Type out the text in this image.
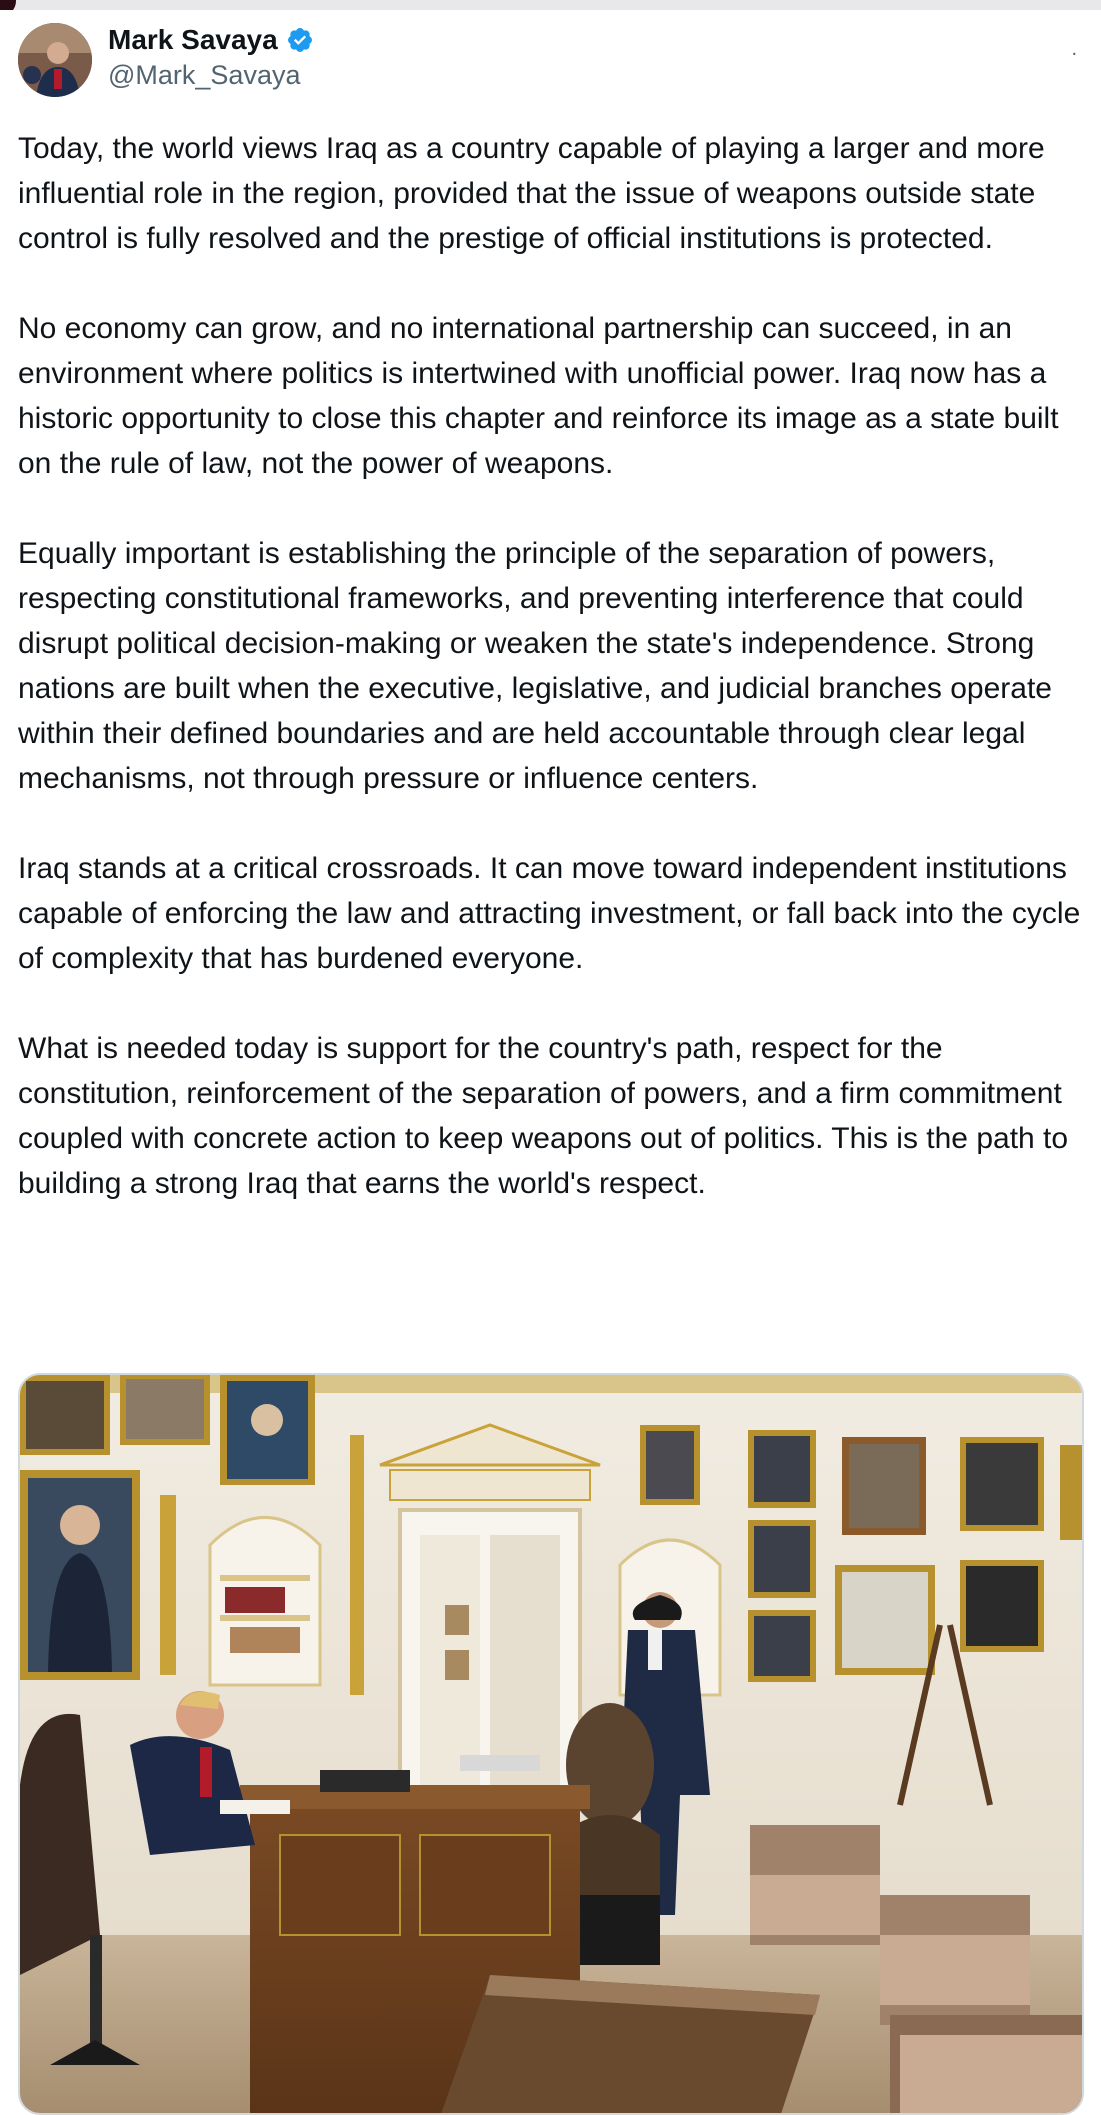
Mark Savaya
@Mark_Savaya
.

Today, the world views Iraq as a country capable of playing a larger and more influential role in the region, provided that the issue of weapons outside state control is fully resolved and the prestige of official institutions is protected.

No economy can grow, and no international partnership can succeed, in an environment where politics is intertwined with unofficial power. Iraq now has a historic opportunity to close this chapter and reinforce its image as a state built on the rule of law, not the power of weapons.

Equally important is establishing the principle of the separation of powers, respecting constitutional frameworks, and preventing interference that could disrupt political decision-making or weaken the state's independence. Strong nations are built when the executive, legislative, and judicial branches operate within their defined boundaries and are held accountable through clear legal mechanisms, not through pressure or influence centers.

Iraq stands at a critical crossroads. It can move toward independent institutions capable of enforcing the law and attracting investment, or fall back into the cycle of complexity that has burdened everyone.

What is needed today is support for the country's path, respect for the constitution, reinforcement of the separation of powers, and a firm commitment coupled with concrete action to keep weapons out of politics. This is the path to building a strong Iraq that earns the world's respect.
